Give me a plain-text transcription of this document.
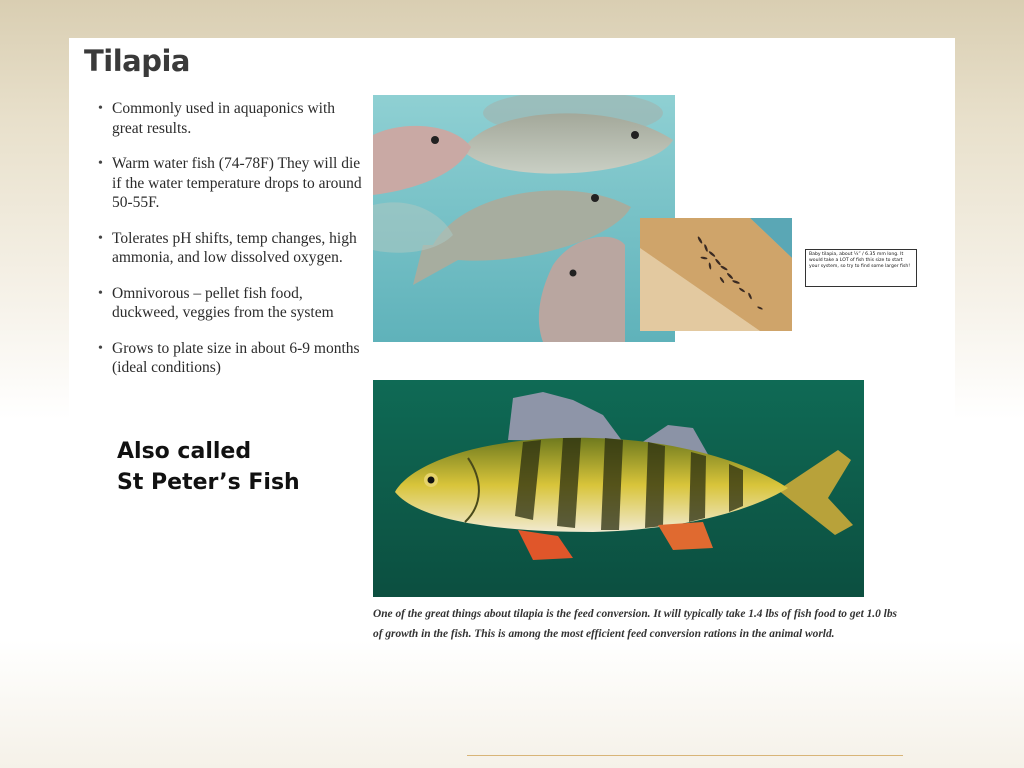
Tilapia
• Commonly used in aquaponics with great results.
• Warm water fish (74-78F) They will die if the water temperature drops to around 50-55F.
• Tolerates pH shifts, temp changes, high ammonia, and low dissolved oxygen.
• Omnivorous – pellet fish food, duckweed, veggies from the system
• Grows to plate size in about 6-9 months (ideal conditions)

Also called
St Peter’s Fish

Baby tilapia, about ¼” / 6.35 mm long. It would take a LOT of fish this size to start your system, so try to find some larger fish!

One of the great things about tilapia is the feed conversion. It will typically take 1.4 lbs of fish food to get 1.0 lbs of growth in the fish. This is among the most efficient feed conversion rations in the animal world.
